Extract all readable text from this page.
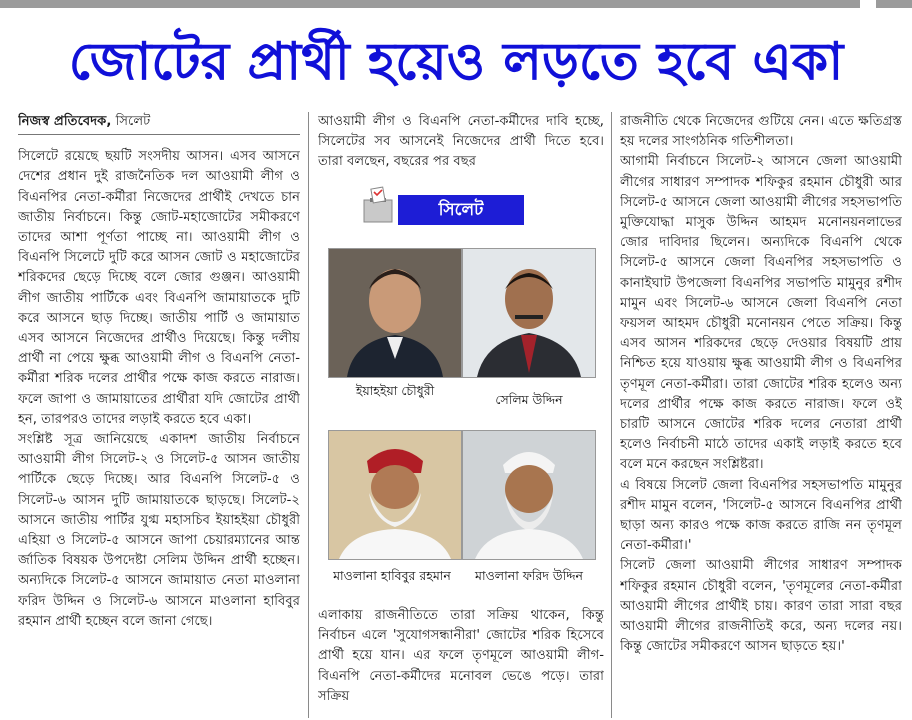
জোটের প্রার্থী হয়েও লড়তে হবে একা

নিজস্ব প্রতিবেদক, সিলেট

সিলেটে রয়েছে ছয়টি সংসদীয় আসন। এসব আসনে দেশের প্রধান দুই রাজনৈতিক দল আওয়ামী লীগ ও বিএনপির নেতা-কর্মীরা নিজেদের প্রার্থীই দেখতে চান জাতীয় নির্বাচনে। কিন্তু জোট-মহাজোটের সমীকরণে তাদের আশা পূর্ণতা পাচ্ছে না। আওয়ামী লীগ ও বিএনপি সিলেটে দুটি করে আসন জোট ও মহাজোটের শরিকদের ছেড়ে দিচ্ছে বলে জোর গুঞ্জন। আওয়ামী লীগ জাতীয় পার্টিকে এবং বিএনপি জামায়াতকে দুটি করে আসনে ছাড় দিচ্ছে। জাতীয় পার্টি ও জামায়াত এসব আসনে নিজেদের প্রার্থীও দিয়েছে। কিন্তু দলীয় প্রার্থী না পেয়ে ক্ষুব্ধ আওয়ামী লীগ ও বিএনপি নেতা-কর্মীরা শরিক দলের প্রার্থীর পক্ষে কাজ করতে নারাজ। ফলে জাপা ও জামায়াতের প্রার্থীরা যদি জোটের প্রার্থী হন, তারপরও তাদের লড়াই করতে হবে একা।

সংশ্লিষ্ট সূত্র জানিয়েছে একাদশ জাতীয় নির্বাচনে আওয়ামী লীগ সিলেট-২ ও সিলেট-৫ আসন জাতীয় পার্টিকে ছেড়ে দিচ্ছে। আর বিএনপি সিলেট-৫ ও সিলেট-৬ আসন দুটি জামায়াতকে ছাড়ছে। সিলেট-২ আসনে জাতীয় পার্টির যুগ্ম মহাসচিব ইয়াহইয়া চৌধুরী এহিয়া ও সিলেট-৫ আসনে জাপা চেয়ারম্যানের আন্ত র্জাতিক বিষয়ক উপদেষ্টা সেলিম উদ্দিন প্রার্থী হচ্ছেন। অন্যদিকে সিলেট-৫ আসনে জামায়াত নেতা মাওলানা ফরিদ উদ্দিন ও সিলেট-৬ আসনে মাওলানা হাবিবুর রহমান প্রার্থী হচ্ছেন বলে জানা গেছে।

আওয়ামী লীগ ও বিএনপি নেতা-কর্মীদের দাবি হচ্ছে, সিলেটের সব আসনেই নিজেদের প্রার্থী দিতে হবে। তারা বলছেন, বছরের পর বছর

সিলেট
ইয়াহইয়া চৌধুরী
সেলিম উদ্দিন
মাওলানা হাবিবুর রহমান	মাওলানা ফরিদ উদ্দিন

এলাকায় রাজনীতিতে তারা সক্রিয় থাকেন, কিন্তু নির্বাচন এলে 'সুযোগসন্ধানীরা' জোটের শরিক হিসেবে প্রার্থী হয়ে যান। এর ফলে তৃণমূলে আওয়ামী লীগ-বিএনপি নেতা-কর্মীদের মনোবল ভেঙে পড়ে। তারা সক্রিয়

রাজনীতি থেকে নিজেদের গুটিয়ে নেন। এতে ক্ষতিগ্রস্ত হয় দলের সাংগঠনিক গতিশীলতা।

আগামী নির্বাচনে সিলেট-২ আসনে জেলা আওয়ামী লীগের সাধারণ সম্পাদক শফিকুর রহমান চৌধুরী আর সিলেট-৫ আসনে জেলা আওয়ামী লীগের সহসভাপতি মুক্তিযোদ্ধা মাসুক উদ্দিন আহমদ মনোনয়নলাভের জোর দাবিদার ছিলেন। অন্যদিকে বিএনপি থেকে সিলেট-৫ আসনে জেলা বিএনপির সহসভাপতি ও কানাইঘাট উপজেলা বিএনপির সভাপতি মামুনুর রশীদ মামুন এবং সিলেট-৬ আসনে জেলা বিএনপি নেতা ফয়সল আহমদ চৌধুরী মনোনয়ন পেতে সক্রিয়। কিন্তু এসব আসন শরিকদের ছেড়ে দেওয়ার বিষয়টি প্রায় নিশ্চিত হয়ে যাওয়ায় ক্ষুব্ধ আওয়ামী লীগ ও বিএনপির তৃণমূল নেতা-কর্মীরা। তারা জোটের শরিক হলেও অন্য দলের প্রার্থীর পক্ষে কাজ করতে নারাজ। ফলে ওই চারটি আসনে জোটের শরিক দলের নেতারা প্রার্থী হলেও নির্বাচনী মাঠে তাদের একাই লড়াই করতে হবে বলে মনে করছেন সংশ্লিষ্টরা।

এ বিষয়ে সিলেট জেলা বিএনপির সহসভাপতি মামুনুর রশীদ মামুন বলেন, 'সিলেট-৫ আসনে বিএনপির প্রার্থী ছাড়া অন্য কারও পক্ষে কাজ করতে রাজি নন তৃণমূল নেতা-কর্মীরা।'

সিলেট জেলা আওয়ামী লীগের সাধারণ সম্পাদক শফিকুর রহমান চৌধুরী বলেন, 'তৃণমূলের নেতা-কর্মীরা আওয়ামী লীগের প্রার্থীই চায়। কারণ তারা সারা বছর আওয়ামী লীগের রাজনীতিই করে, অন্য দলের নয়। কিন্তু জোটের সমীকরণে আসন ছাড়তে হয়।'
